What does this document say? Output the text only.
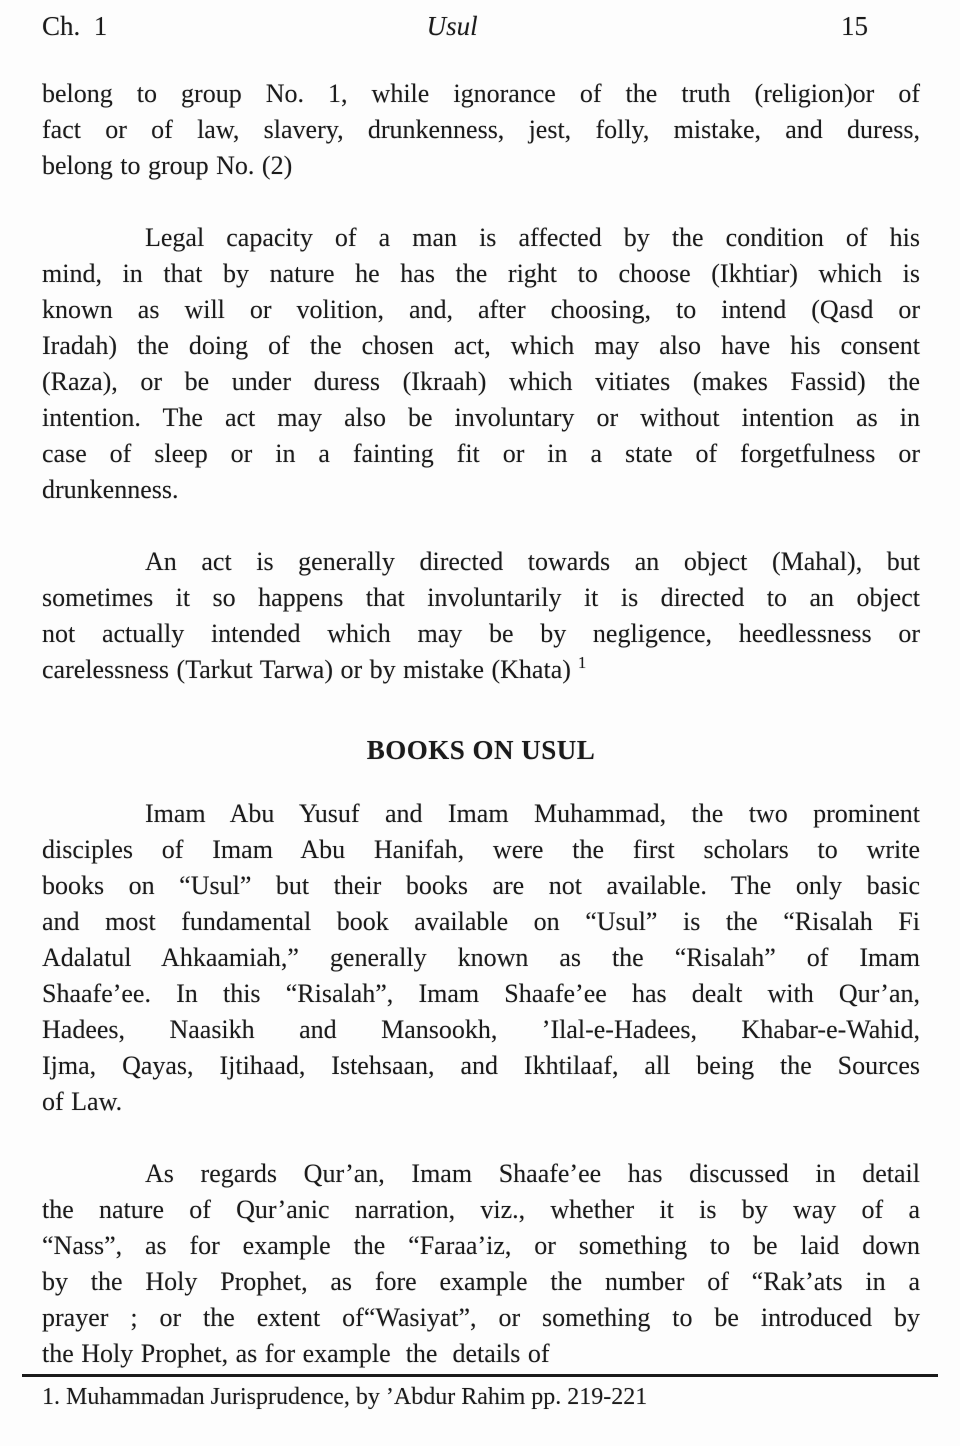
Ch.  1	Usul	15
belong to group No. 1, while ignorance of the truth (religion)or of
fact or of law, slavery, drunkenness, jest, folly, mistake, and duress,
belong to group No. (2)
Legal capacity of a man is affected by the condition of his
mind, in that by nature he has the right to choose (Ikhtiar) which is
known as will or volition, and, after choosing, to intend (Qasd or
Iradah) the doing of the chosen act, which may also have his consent
(Raza), or be under duress (Ikraah) which vitiates (makes Fassid) the
intention. The act may also be involuntary or without intention as in
case of sleep or in a fainting fit or in a state of forgetfulness or
drunkenness.
An act is generally directed towards an object (Mahal), but
sometimes it so happens that involuntarily it is directed to an object
not actually intended which may be by negligence, heedlessness or
carelessness (Tarkut Tarwa) or by mistake (Khata) $^1$
BOOKS ON USUL
Imam Abu Yusuf and Imam Muhammad, the two prominent
disciples of Imam Abu Hanifah, were the first scholars to write
books on “Usul” but their books are not available. The only basic
and most fundamental book available on “Usul” is the “Risalah Fi
Adalatul Ahkaamiah,” generally known as the “Risalah” of Imam
Shaafe’ee. In this “Risalah”, Imam Shaafe’ee has dealt with Qur’an,
Hadees, Naasikh and Mansookh, ’Ilal-e-Hadees, Khabar-e-Wahid,
Ijma, Qayas, Ijtihaad, Istehsaan, and Ikhtilaaf, all being the Sources
of Law.
As regards Qur’an, Imam Shaafe’ee has discussed in detail
the nature of Qur’anic narration, viz., whether it is by way of a
“Nass”, as for example the “Faraa’iz, or something to be laid down
by the Holy Prophet, as fore example the number of “Rak’ats in a
prayer ; or the extent of“Wasiyat”, or something to be introduced by
the Holy Prophet, as for example  the  details of
1. Muhammadan Jurisprudence, by ’Abdur Rahim pp. 219-221
